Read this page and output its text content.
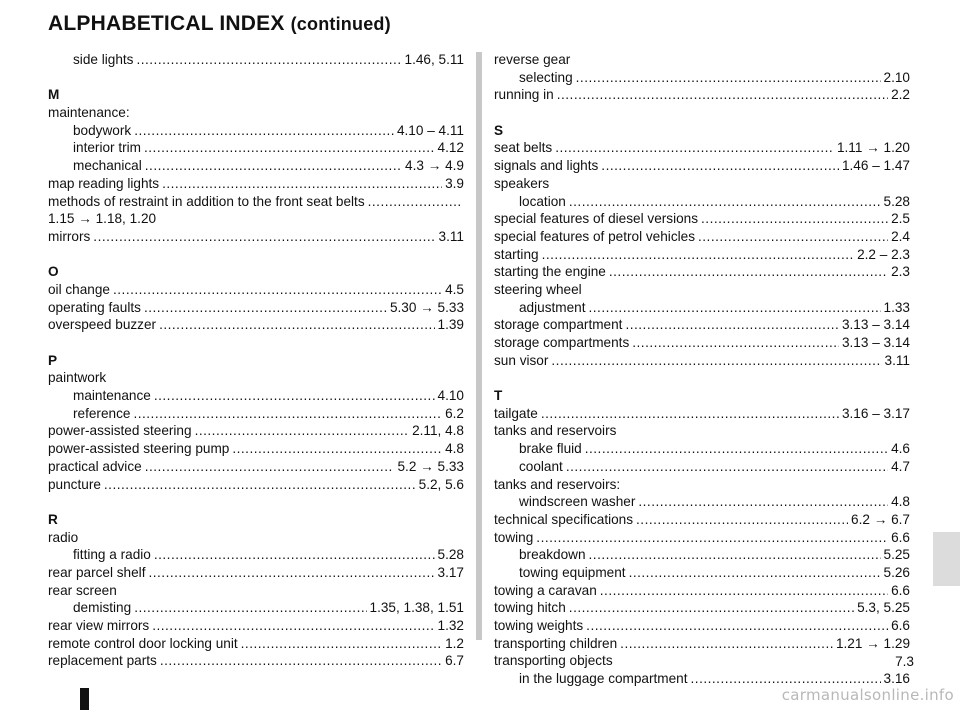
ALPHABETICAL INDEX (continued)
side lights .....	1.46, 5.11
M
maintenance:
bodywork .....	4.10 – 4.11
interior trim .....	4.12
mechanical .....	4.3 → 4.9
map reading lights .....	3.9
methods of restraint in addition to the front seat belts
.....
1.15 → 1.18, 1.20
mirrors .....	3.11
O
oil change .....	4.5
operating faults .....	5.30 → 5.33
overspeed buzzer .....	1.39
P
paintwork
maintenance .....	4.10
reference .....	6.2
power-assisted steering .....	2.11, 4.8
power-assisted steering pump .....	4.8
practical advice .....	5.2 → 5.33
puncture .....	5.2, 5.6
R
radio
fitting a radio .....	5.28
rear parcel shelf .....	3.17
rear screen
demisting .....	1.35, 1.38, 1.51
rear view mirrors .....	1.32
remote control door locking unit .....	1.2
replacement parts .....	6.7
reverse gear
selecting .....	2.10
running in .....	2.2
S
seat belts .....	1.11 → 1.20
signals and lights .....	1.46 – 1.47
speakers
location .....	5.28
special features of diesel versions .....	2.5
special features of petrol vehicles .....	2.4
starting .....	2.2 – 2.3
starting the engine .....	2.3
steering wheel
adjustment .....	1.33
storage compartment .....	3.13 – 3.14
storage compartments .....	3.13 – 3.14
sun visor .....	3.11
T
tailgate .....	3.16 – 3.17
tanks and reservoirs
brake fluid .....	4.6
coolant .....	4.7
tanks and reservoirs:
windscreen washer .....	4.8
technical specifications .....	6.2 → 6.7
towing .....	6.6
breakdown .....	5.25
towing equipment .....	5.26
towing a caravan .....	6.6
towing hitch .....	5.3, 5.25
towing weights .....	6.6
transporting children .....	1.21 → 1.29
transporting objects
in the luggage compartment .....	3.16
7.3
carmanualsonline.info
